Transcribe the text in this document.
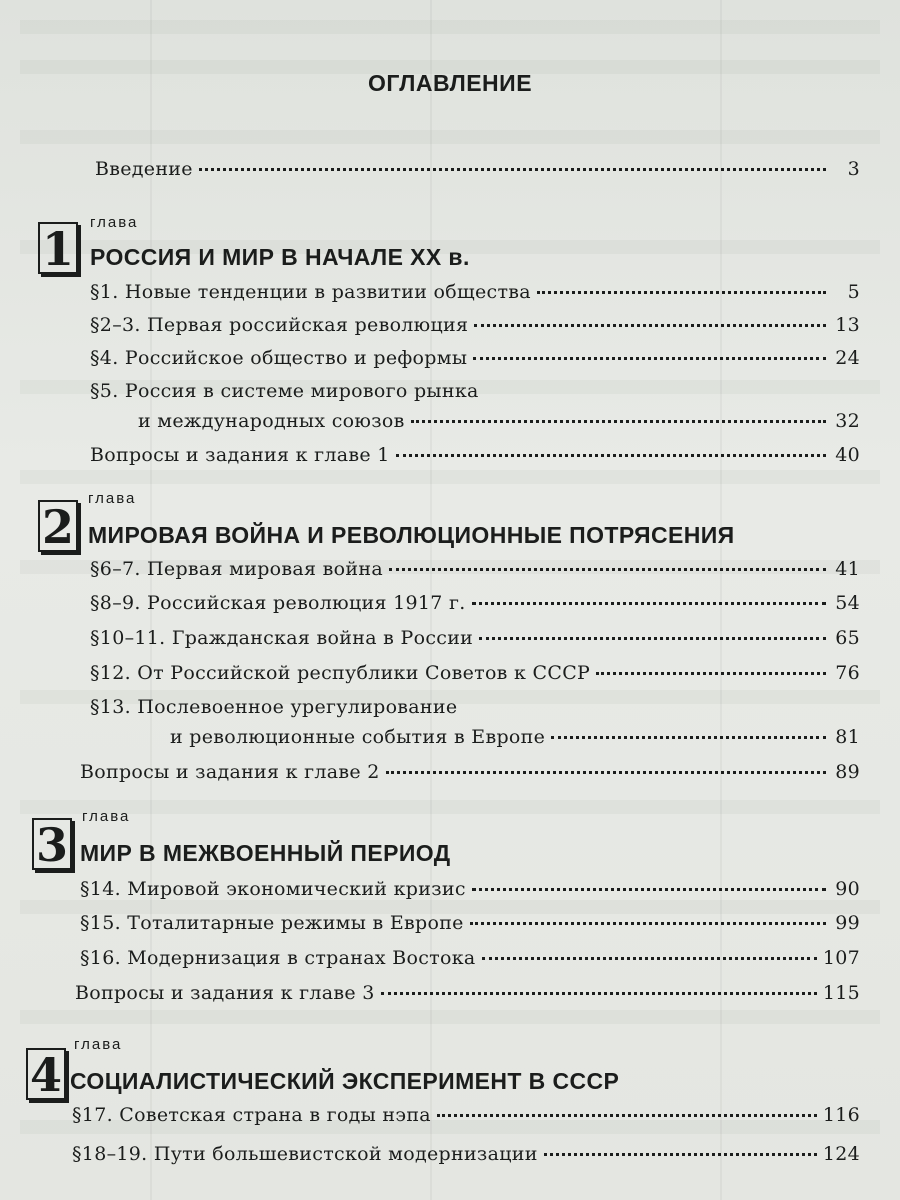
ОГЛАВЛЕНИЕ
Введение	3
1 глава
РОССИЯ И МИР В НАЧАЛЕ XX в.
§1. Новые тенденции в развитии общества	5
§2–3. Первая российская революция	13
§4. Российское общество и реформы	24
§5. Россия в системе мирового рынка
и международных союзов	32
Вопросы и задания к главе 1	40
2
глава
МИРОВАЯ ВОЙНА И РЕВОЛЮЦИОННЫЕ ПОТРЯСЕНИЯ
§6–7. Первая мировая война	41
§8–9. Российская революция 1917 г.	54
§10–11. Гражданская война в России	65
§12. От Российской республики Советов к СССР	76
§13. Послевоенное урегулирование
и революционные события в Европе	81
Вопросы и задания к главе 2	89
3
глава
МИР В МЕЖВОЕННЫЙ ПЕРИОД
§14. Мировой экономический кризис	90
§15. Тоталитарные режимы в Европе	99
§16. Модернизация в странах Востока	107
Вопросы и задания к главе 3	115
4
глава
СОЦИАЛИСТИЧЕСКИЙ ЭКСПЕРИМЕНТ В СССР
§17. Советская страна в годы нэпа	116
§18–19. Пути большевистской модернизации	124
